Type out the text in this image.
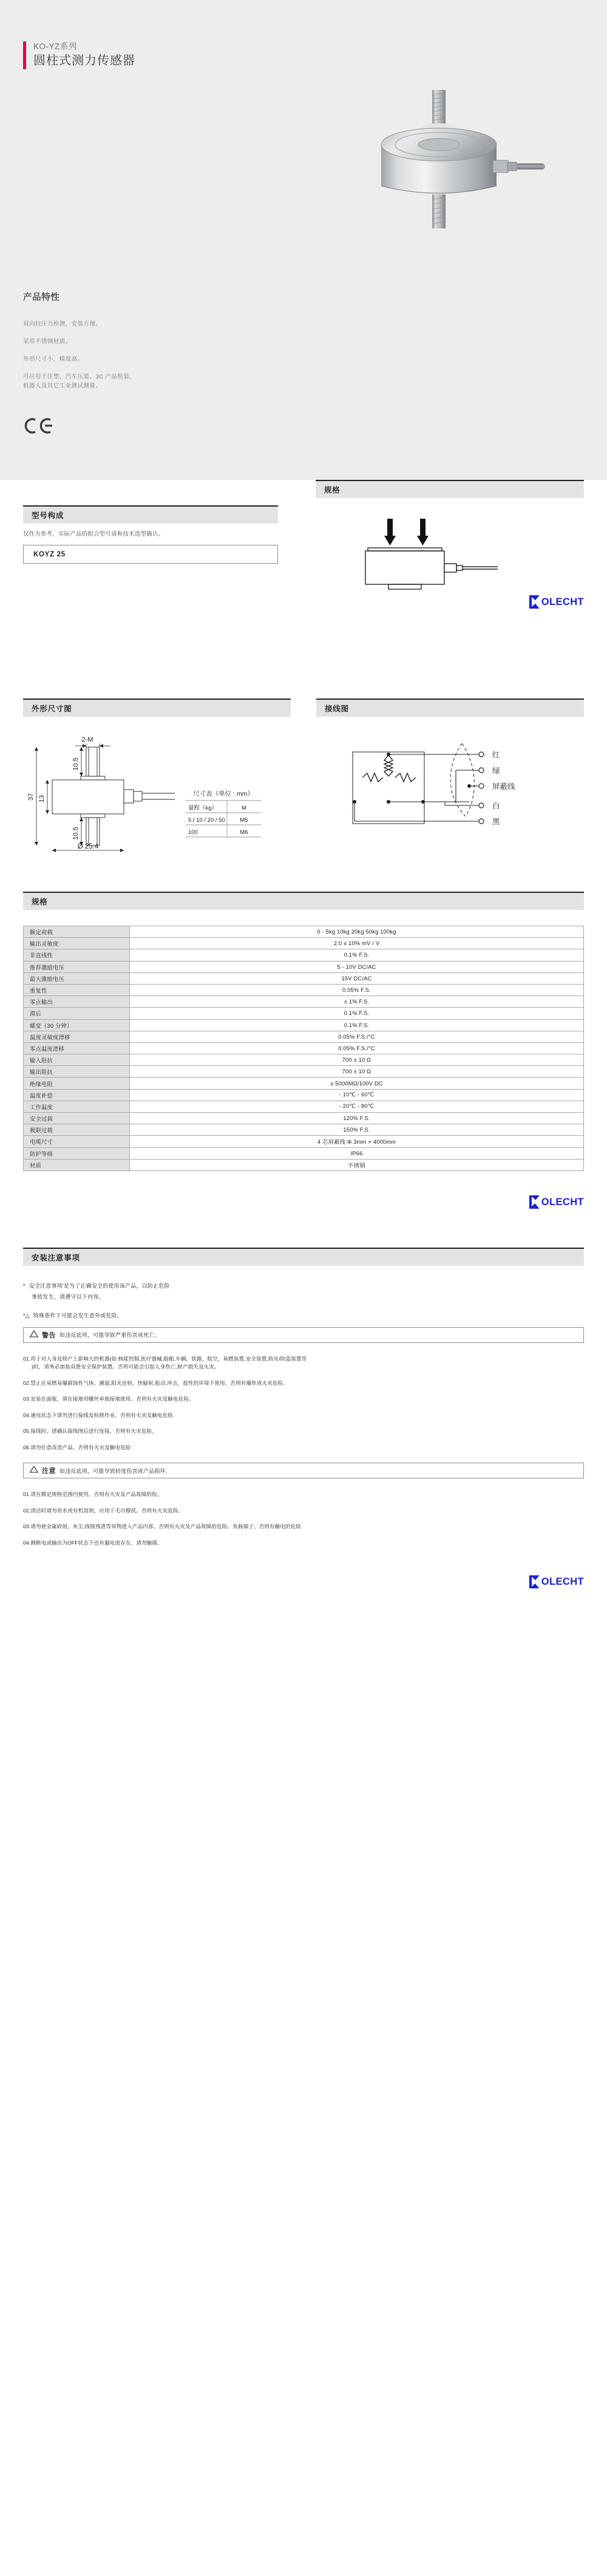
KO-YZ系列
圆柱式测力传感器
产品特性
双向拉压力检测，安装方便。
采用不锈钢材质。
外形尺寸小，精度高。
可应用于注塑、汽车压装、3C 产品组装、
机器人及其它工业测试测量。
型号构成
仅作为参考，实际产品的组合型号请和技术选型确认。
KOYZ 25
规格
OLECHT
外形尺寸图	接线图
2-M
10.5
13
37
10.5
Ø 25.4
尺寸表（单位 : mm）
量程（kg）	M
5 / 10 / 20 / 50	M5
100	M6
红
绿
屏蔽线
白
黑
规格
额定荷载	0 - 5kg 10kg 20kg 50kg 100kg
输出灵敏度	2.0 ± 10% mV / V
非直线性	0.1% F.S.
推荐激励电压	5 - 10V DC/AC
最大激励电压	15V DC/AC
重复性	0.05% F.S.
零点输出	± 1% F.S.
滞后	0.1% F.S.
蠕变（30 分钟）	0.1% F.S.
温度灵敏度漂移	0.05% F.S./°C
零点温度漂移	0.05% F.S./°C
输入阻抗	700 ± 10 Ω
输出阻抗	700 ± 10 Ω
绝缘电阻	≥ 5000MΩ/100V DC
温度补偿	- 10℃ - 60℃
工作温度	- 20℃ - 80℃
安全过载	120% F.S.
极限过载	150% F.S.
电缆尺寸	4 芯屏蔽线 Φ 3mm × 4000mm
防护等级	IP66
材质	不锈钢
OLECHT
安装注意事项
* 安全注意事项'是为了正确安全的使用该产品，以防止危险
事故发生，请遵守以下内容。
*△ 特殊条件下可能会发生意外或危险。
警告 如违反此项，可能导致严重伤害或死亡。
01.用于对人身及财产上影响大的机器(如:核能控制,医疗器械,船舶,车辆，铁路，航空，易燃装置,安全装置,防灾/防盗装置等
)时，请务必加装双重安全保护装置。否则可能会引起人身伤亡,财产损失及火灾。
02.禁止在易燃易爆腐蚀性气体，潮湿,阳光直射，热辐射,振动,冲击，盐性的环境下使用。否则有爆炸或火灾危险。
03.安装在面板，请在接地用螺丝单独接地使用。否则有火灾及触电危险。
04.通电状态下请勿进行接线及检修作业。否则有火灾及触电危险.
05.接线时，请确认接线图后进行连接。否则有火灾危险。
06.请勿任意改造产品。否则有火灾及触电危险
注意 如违反此项，可能导致轻度伤害或产品损坏.
01.请在额定规格范围内使用。否则有火灾及产品故障的险。
02.清洁时请勿用水或有机溶剂，应用干毛巾擦拭。否则有火灾危险。
03.请勿使金属碎屑，灰尘,线缆残渣等异物进入产品内部。否则有火灾及产品故障的危险。负载端子。否则有触电的危险
04.刚断电或输出为OFF状态下也有漏电流存在，请勿触摸。
OLECHT
